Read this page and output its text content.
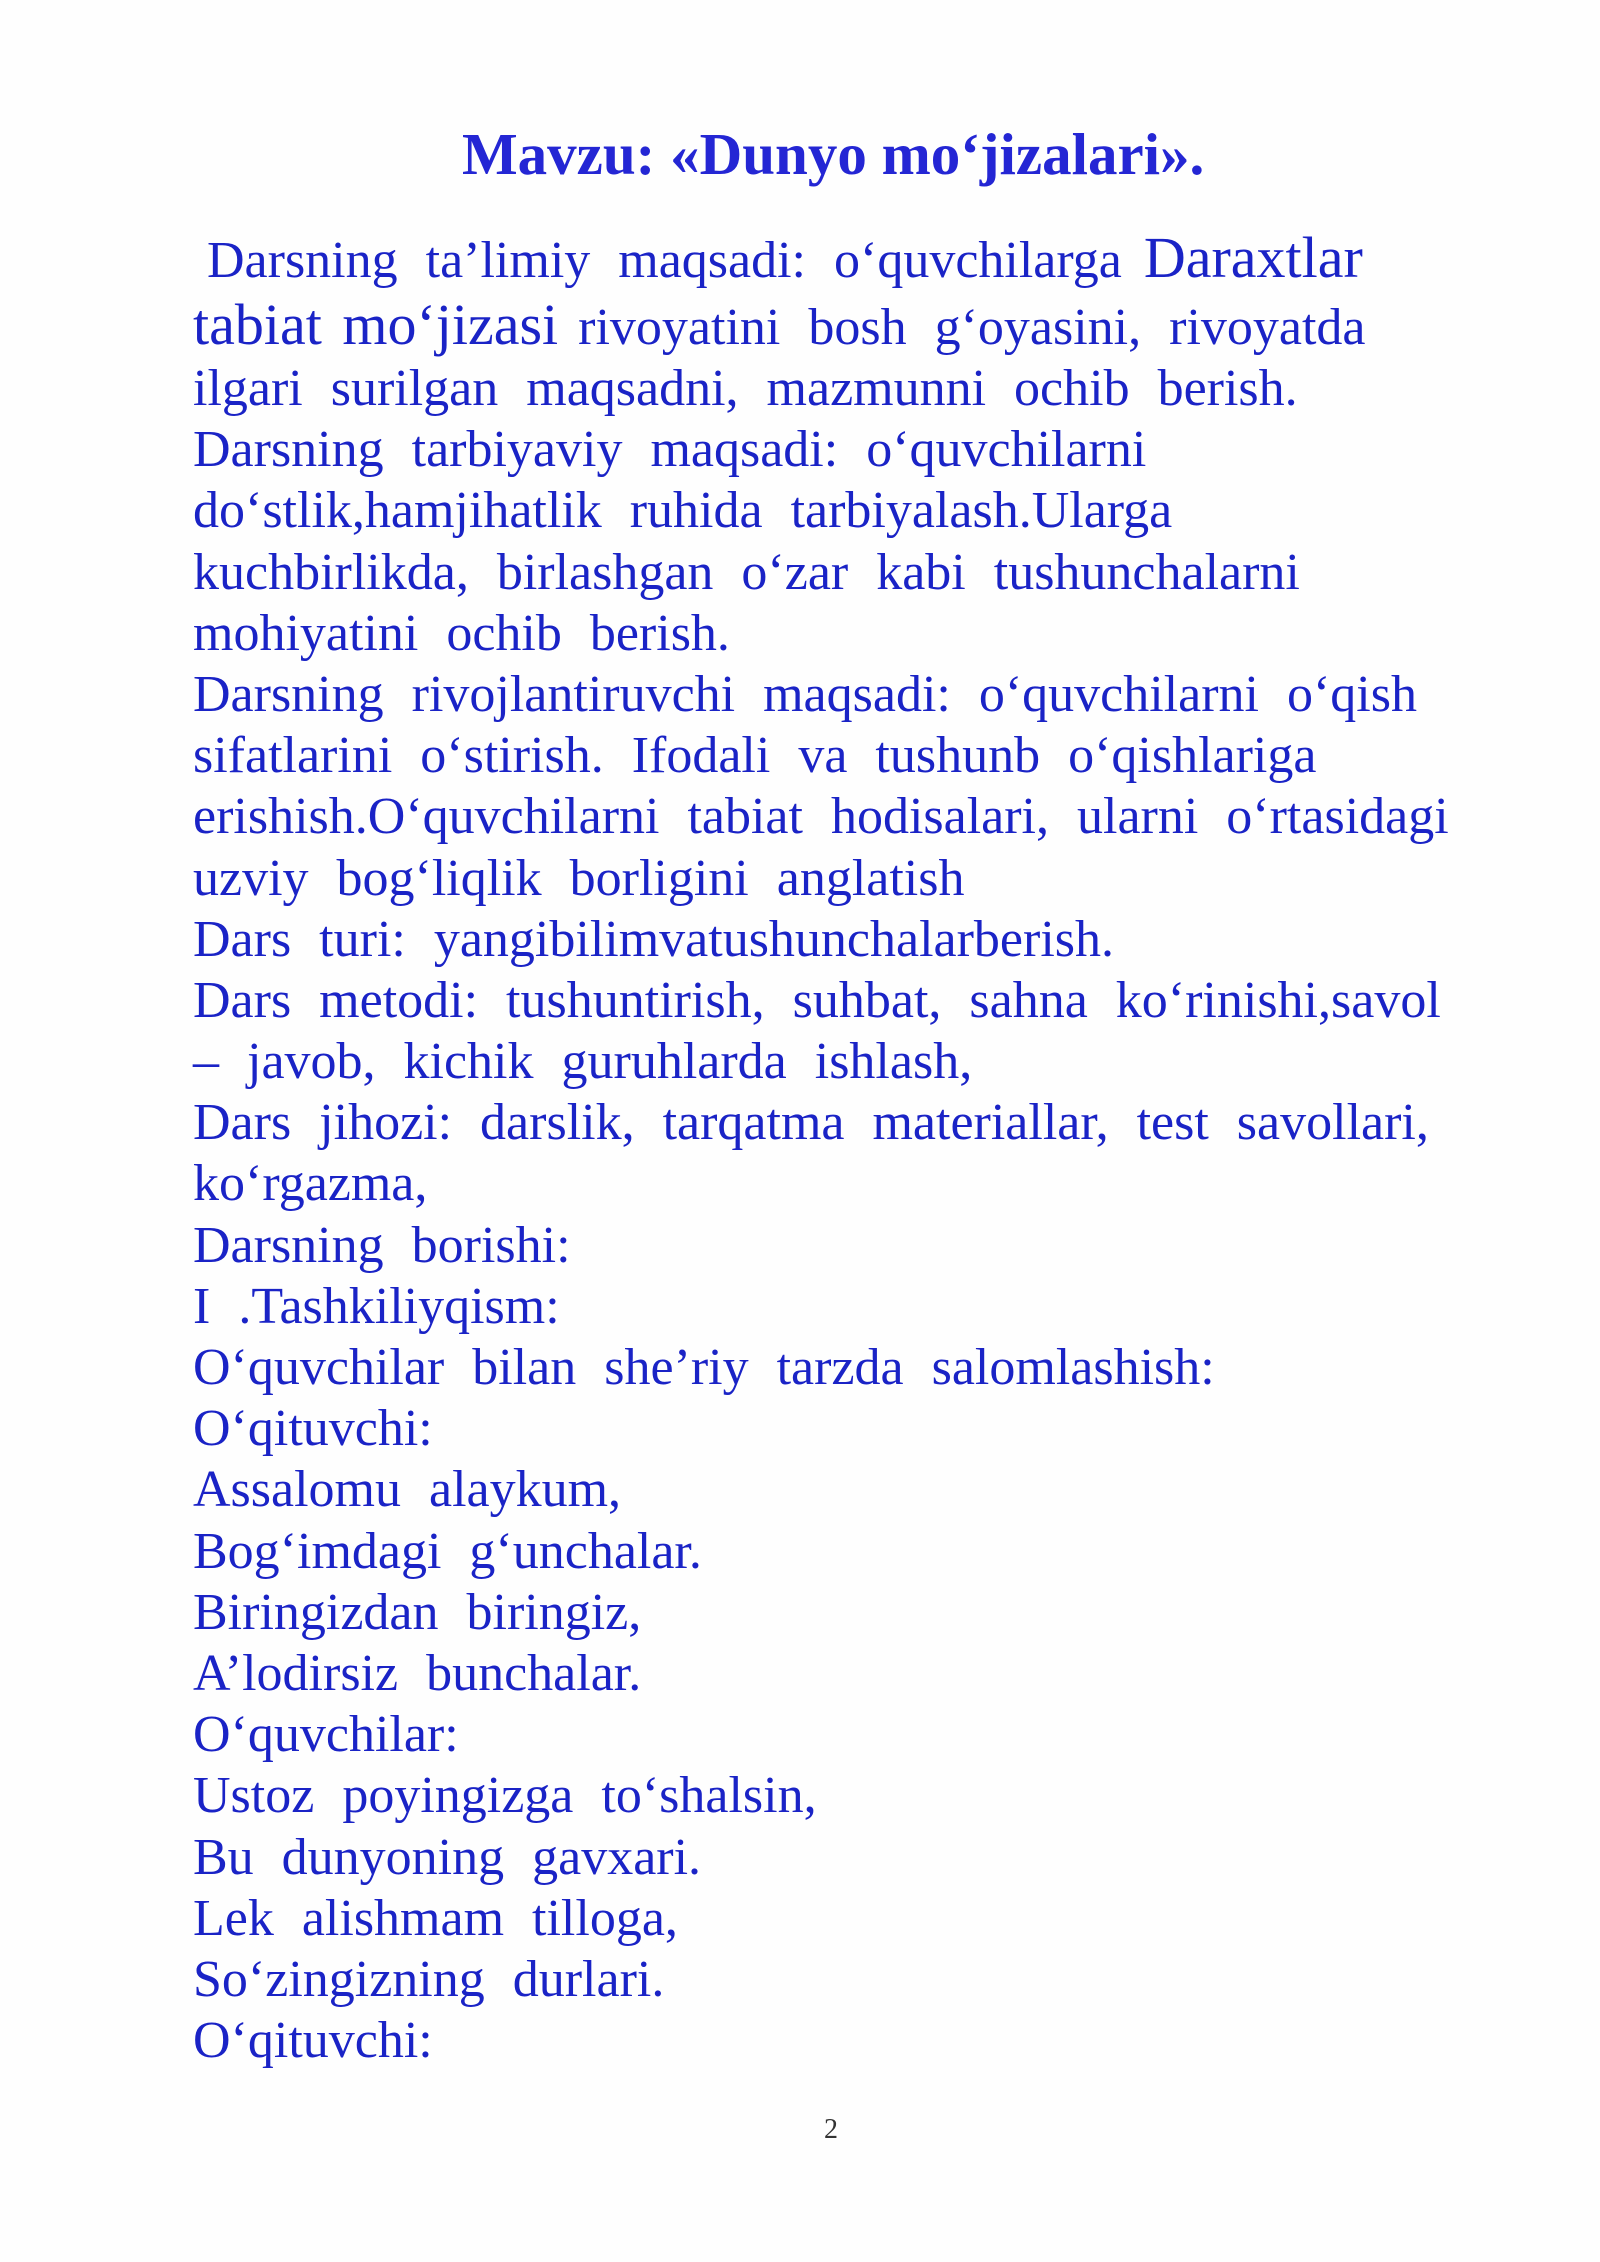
Mavzu: «Dunyo mo‘jizalari».
Darsning ta’limiy maqsadi: o‘quvchilarga Daraxtlar
tabiat mo‘jizasi rivoyatini bosh g‘oyasini, rivoyatda
ilgari surilgan maqsadni, mazmunni ochib berish.
Darsning tarbiyaviy maqsadi: o‘quvchilarni
do‘stlik,hamjihatlik ruhida tarbiyalash.Ularga
kuchbirlikda, birlashgan o‘zar kabi tushunchalarni
mohiyatini ochib berish.
Darsning rivojlantiruvchi maqsadi: o‘quvchilarni o‘qish
sifatlarini o‘stirish. Ifodali va tushunb o‘qishlariga
erishish.O‘quvchilarni tabiat hodisalari, ularni o‘rtasidagi
uzviy bog‘liqlik borligini anglatish
Dars turi: yangibilimvatushunchalarberish.
Dars metodi: tushuntirish, suhbat, sahna ko‘rinishi,savol
– javob, kichik guruhlarda ishlash,
Dars jihozi: darslik, tarqatma materiallar, test savollari,
ko‘rgazma,
Darsning borishi:
I .Tashkiliyqism:
O‘quvchilar bilan she’riy tarzda salomlashish:
O‘qituvchi:
Assalomu alaykum,
Bog‘imdagi g‘unchalar.
Biringizdan biringiz,
A’lodirsiz bunchalar.
O‘quvchilar:
Ustoz poyingizga to‘shalsin,
Bu dunyoning gavxari.
Lek alishmam tilloga,
So‘zingizning durlari.
O‘qituvchi:
2
